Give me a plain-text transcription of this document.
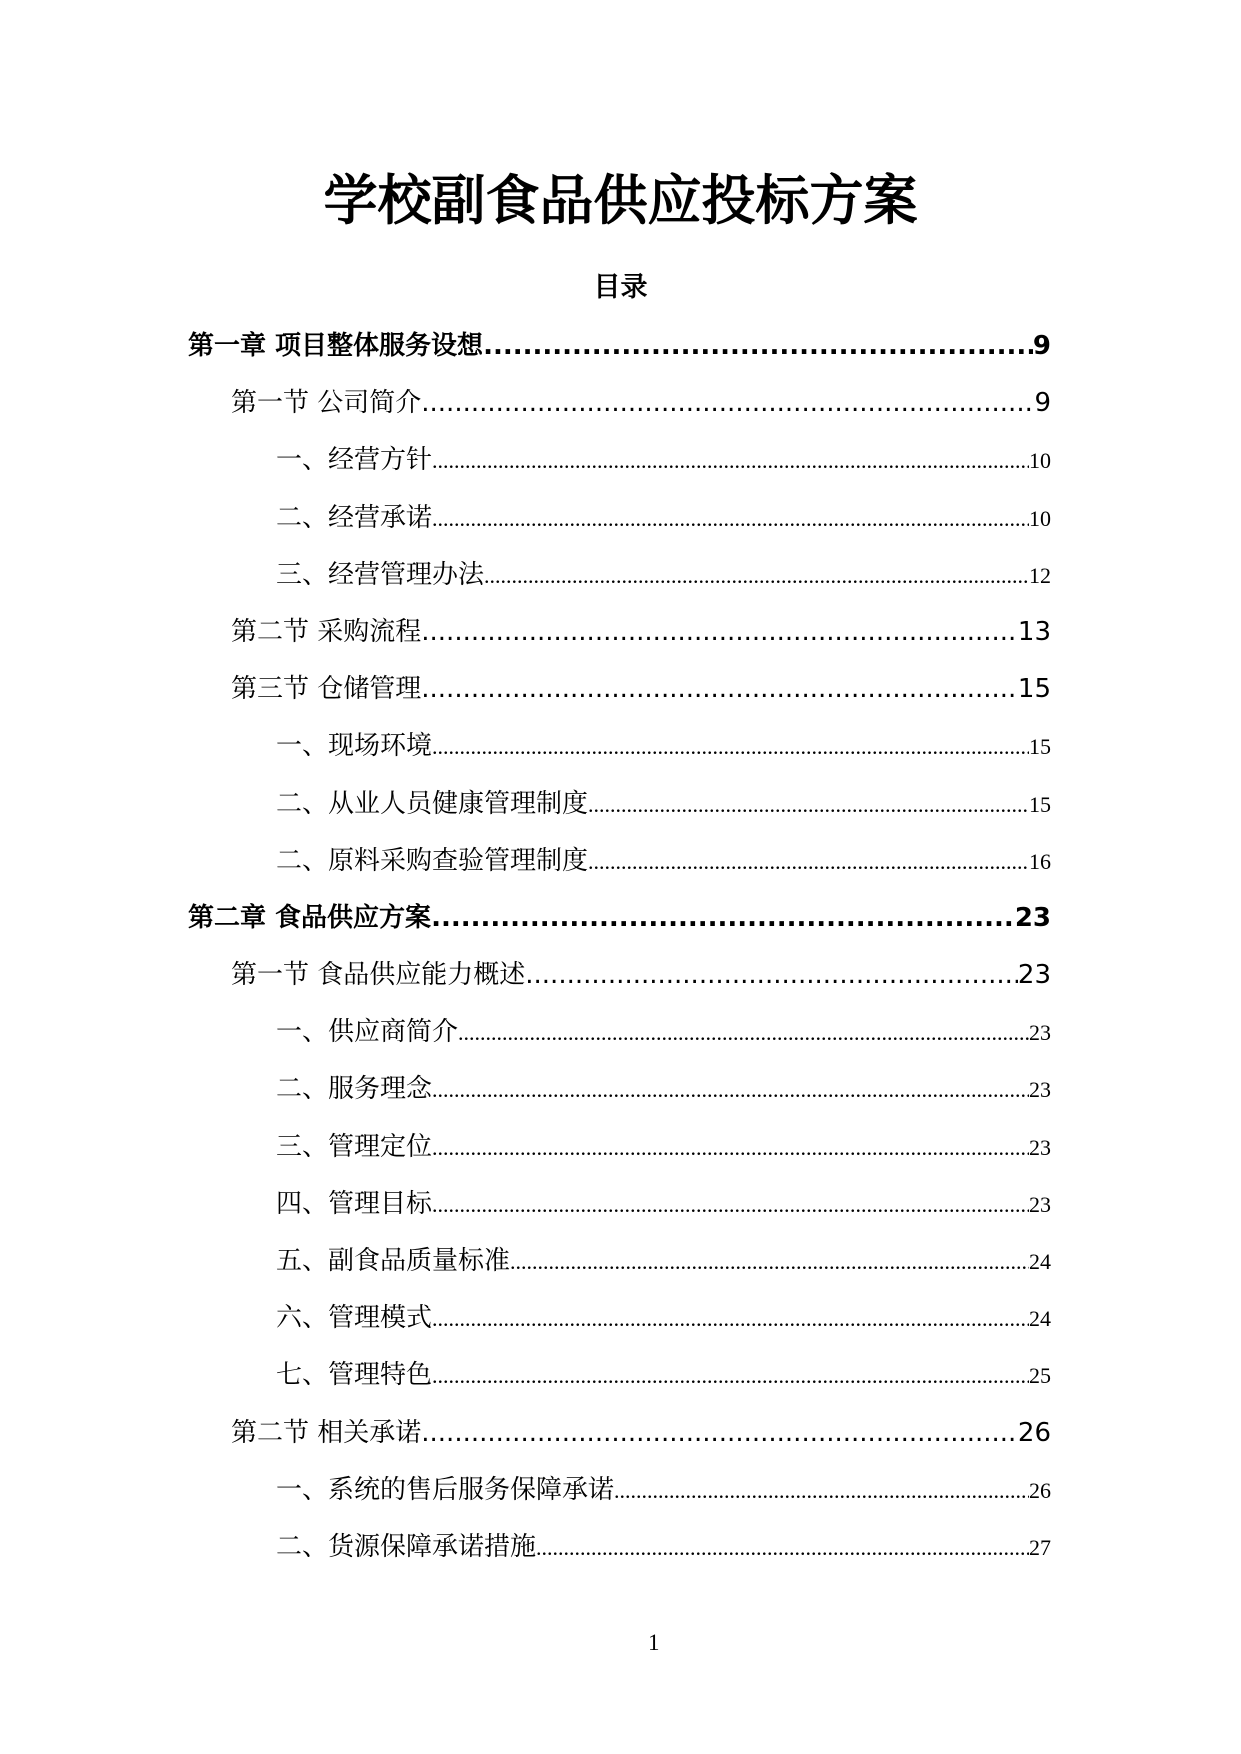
学校副食品供应投标方案
目录
第一章 项目整体服务设想 .....	9
第一节 公司简介 .....	9
一、经营方针 .....	10
二、经营承诺 .....	10
三、经营管理办法 .....	12
第二节 采购流程 .....	13
第三节 仓储管理 .....	15
一、现场环境 .....	15
二、从业人员健康管理制度 .....	15
二、原料采购查验管理制度 .....	16
第二章 食品供应方案 .....	23
第一节 食品供应能力概述 .....	23
一、供应商简介 .....	23
二、服务理念 .....	23
三、管理定位 .....	23
四、管理目标 .....	23
五、副食品质量标准 .....	24
六、管理模式 .....	24
七、管理特色 .....	25
第二节 相关承诺 .....	26
一、系统的售后服务保障承诺 .....	26
二、货源保障承诺措施 .....	27
1
